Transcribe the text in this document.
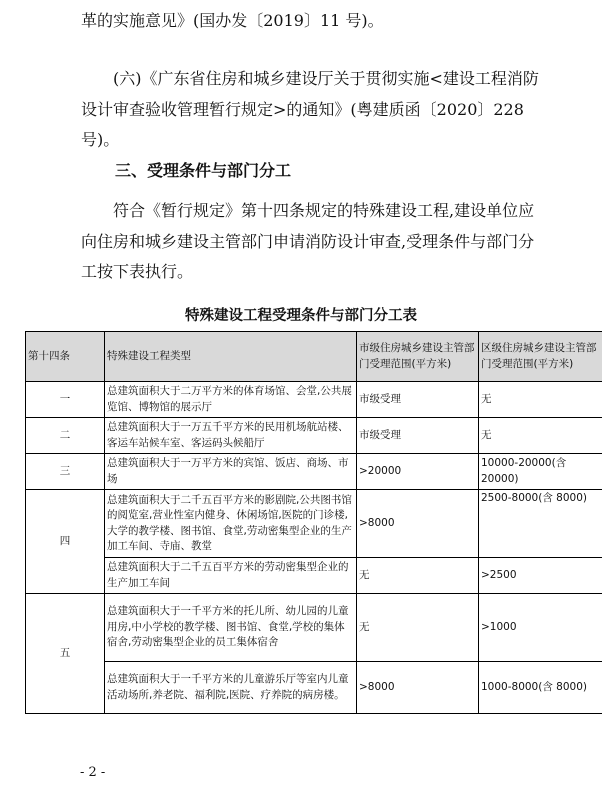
革的实施意见》(国办发〔2019〕11 号)。

(六)《广东省住房和城乡建设厅关于贯彻实施<建设工程消防设计审查验收管理暂行规定>的通知》(粤建质函〔2020〕228 号)。

三、受理条件与部门分工

符合《暂行规定》第十四条规定的特殊建设工程,建设单位应向住房和城乡建设主管部门申请消防设计审查,受理条件与部门分工按下表执行。

特殊建设工程受理条件与部门分工表
第十四条	特殊建设工程类型	市级住房城乡建设主管部门受理范围(平方米)	区级住房城乡建设主管部门受理范围(平方米)
一	总建筑面积大于二万平方米的体育场馆、会堂,公共展览馆、博物馆的展示厅	市级受理	无
二	总建筑面积大于一万五千平方米的民用机场航站楼、客运车站候车室、客运码头候船厅	市级受理	无
三	总建筑面积大于一万平方米的宾馆、饭店、商场、市场	>20000	10000-20000(含 20000)
四	总建筑面积大于二千五百平方米的影剧院,公共图书馆的阅览室,营业性室内健身、休闲场馆,医院的门诊楼,大学的教学楼、图书馆、食堂,劳动密集型企业的生产加工车间、寺庙、教堂	>8000	2500-8000(含 8000)
	总建筑面积大于二千五百平方米的劳动密集型企业的生产加工车间	无	>2500
五	总建筑面积大于一千平方米的托儿所、幼儿园的儿童用房,中小学校的教学楼、图书馆、食堂,学校的集体宿舍,劳动密集型企业的员工集体宿舍	无	>1000
	总建筑面积大于一千平方米的儿童游乐厅等室内儿童活动场所,养老院、福利院,医院、疗养院的病房楼。	>8000	1000-8000(含 8000)
- 2 -
